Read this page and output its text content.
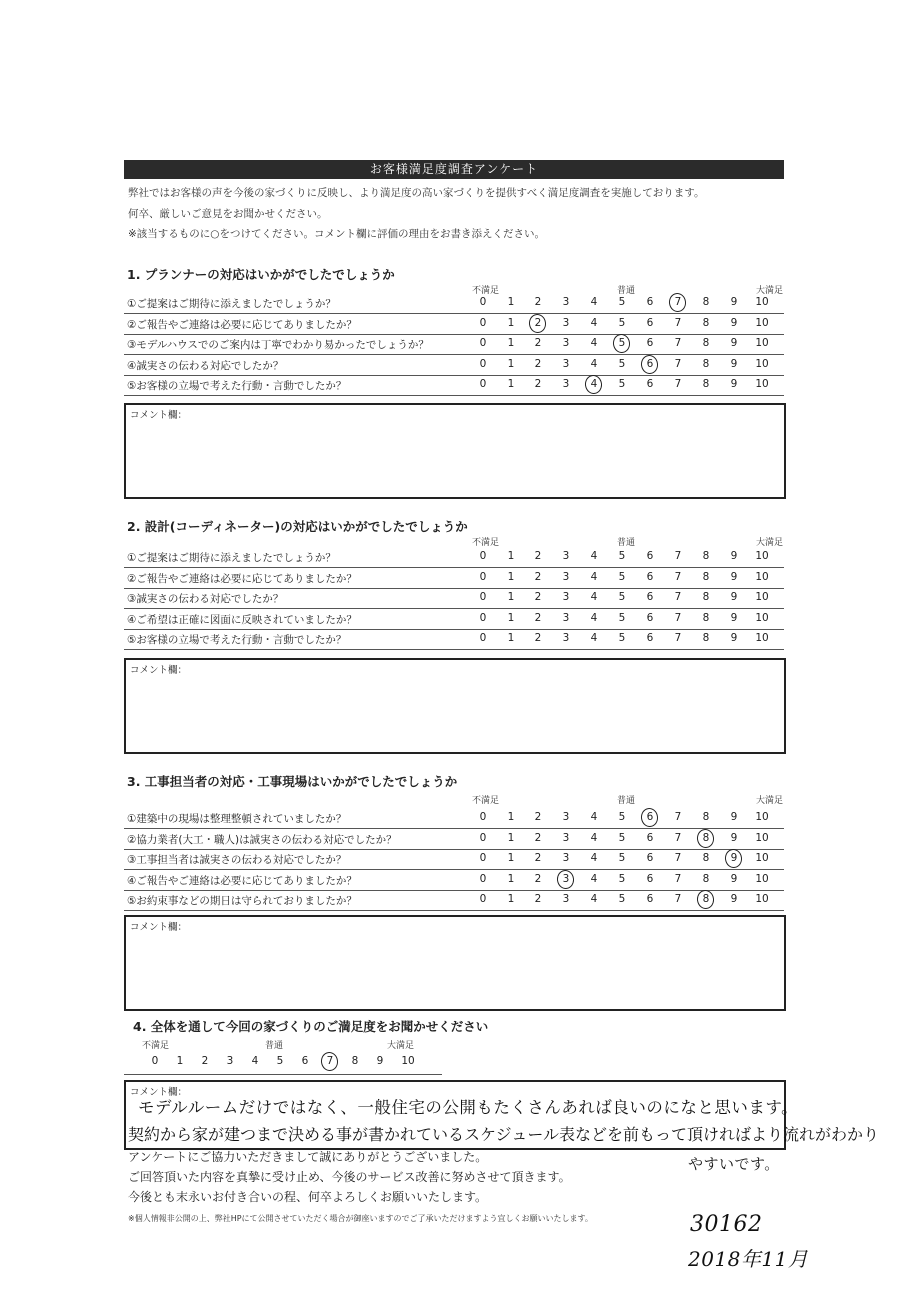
お客様満足度調査アンケート
弊社ではお客様の声を今後の家づくりに反映し、より満足度の高い家づくりを提供すべく満足度調査を実施しております。
何卒、厳しいご意見をお聞かせください。
※該当するものに○をつけてください。コメント欄に評価の理由をお書き添えください。
1. プランナーの対応はいかがでしたでしょうか
不満足	普通	大満足
①ご提案はご期待に添えましたでしょうか？	0	1	2	3	4	5	6	7	8	9	10
②ご報告やご連絡は必要に応じてありましたか？	0	1	2	3	4	5	6	7	8	9	10
③モデルハウスでのご案内は丁寧でわかり易かったでしょうか？	0	1	2	3	4	5	6	7	8	9	10
④誠実さの伝わる対応でしたか？	0	1	2	3	4	5	6	7	8	9	10
⑤お客様の立場で考えた行動・言動でしたか？	0	1	2	3	4	5	6	7	8	9	10
コメント欄：
2. 設計(コーディネーター)の対応はいかがでしたでしょうか
不満足	普通	大満足
①ご提案はご期待に添えましたでしょうか？	0	1	2	3	4	5	6	7	8	9	10
②ご報告やご連絡は必要に応じてありましたか？	0	1	2	3	4	5	6	7	8	9	10
③誠実さの伝わる対応でしたか？	0	1	2	3	4	5	6	7	8	9	10
④ご希望は正確に図面に反映されていましたか？	0	1	2	3	4	5	6	7	8	9	10
⑤お客様の立場で考えた行動・言動でしたか？	0	1	2	3	4	5	6	7	8	9	10
コメント欄：
3. 工事担当者の対応・工事現場はいかがでしたでしょうか
不満足	普通	大満足
①建築中の現場は整理整頓されていましたか？	0	1	2	3	4	5	6	7	8	9	10
②協力業者(大工・職人)は誠実さの伝わる対応でしたか？	0	1	2	3	4	5	6	7	8	9	10
③工事担当者は誠実さの伝わる対応でしたか？	0	1	2	3	4	5	6	7	8	9	10
④ご報告やご連絡は必要に応じてありましたか？	0	1	2	3	4	5	6	7	8	9	10
⑤お約束事などの期日は守られておりましたか？	0	1	2	3	4	5	6	7	8	9	10
コメント欄：
4. 全体を通して今回の家づくりのご満足度をお聞かせください
不満足	普通	大満足
0	1	2	3	4	5	6	7	8	9	10
コメント欄：
モデルルームだけではなく、一般住宅の公開もたくさんあれば良いのになと思います。
契約から家が建つまで決める事が書かれているスケジュール表などを前もって頂ければより流れがわかり
やすいです。
アンケートにご協力いただきまして誠にありがとうございました。
ご回答頂いた内容を真摯に受け止め、今後のサービス改善に努めさせて頂きます。
今後とも末永いお付き合いの程、何卒よろしくお願いいたします。
※個人情報非公開の上、弊社HPにて公開させていただく場合が御座いますのでご了承いただけますよう宜しくお願いいたします。	30162
2018年11月
